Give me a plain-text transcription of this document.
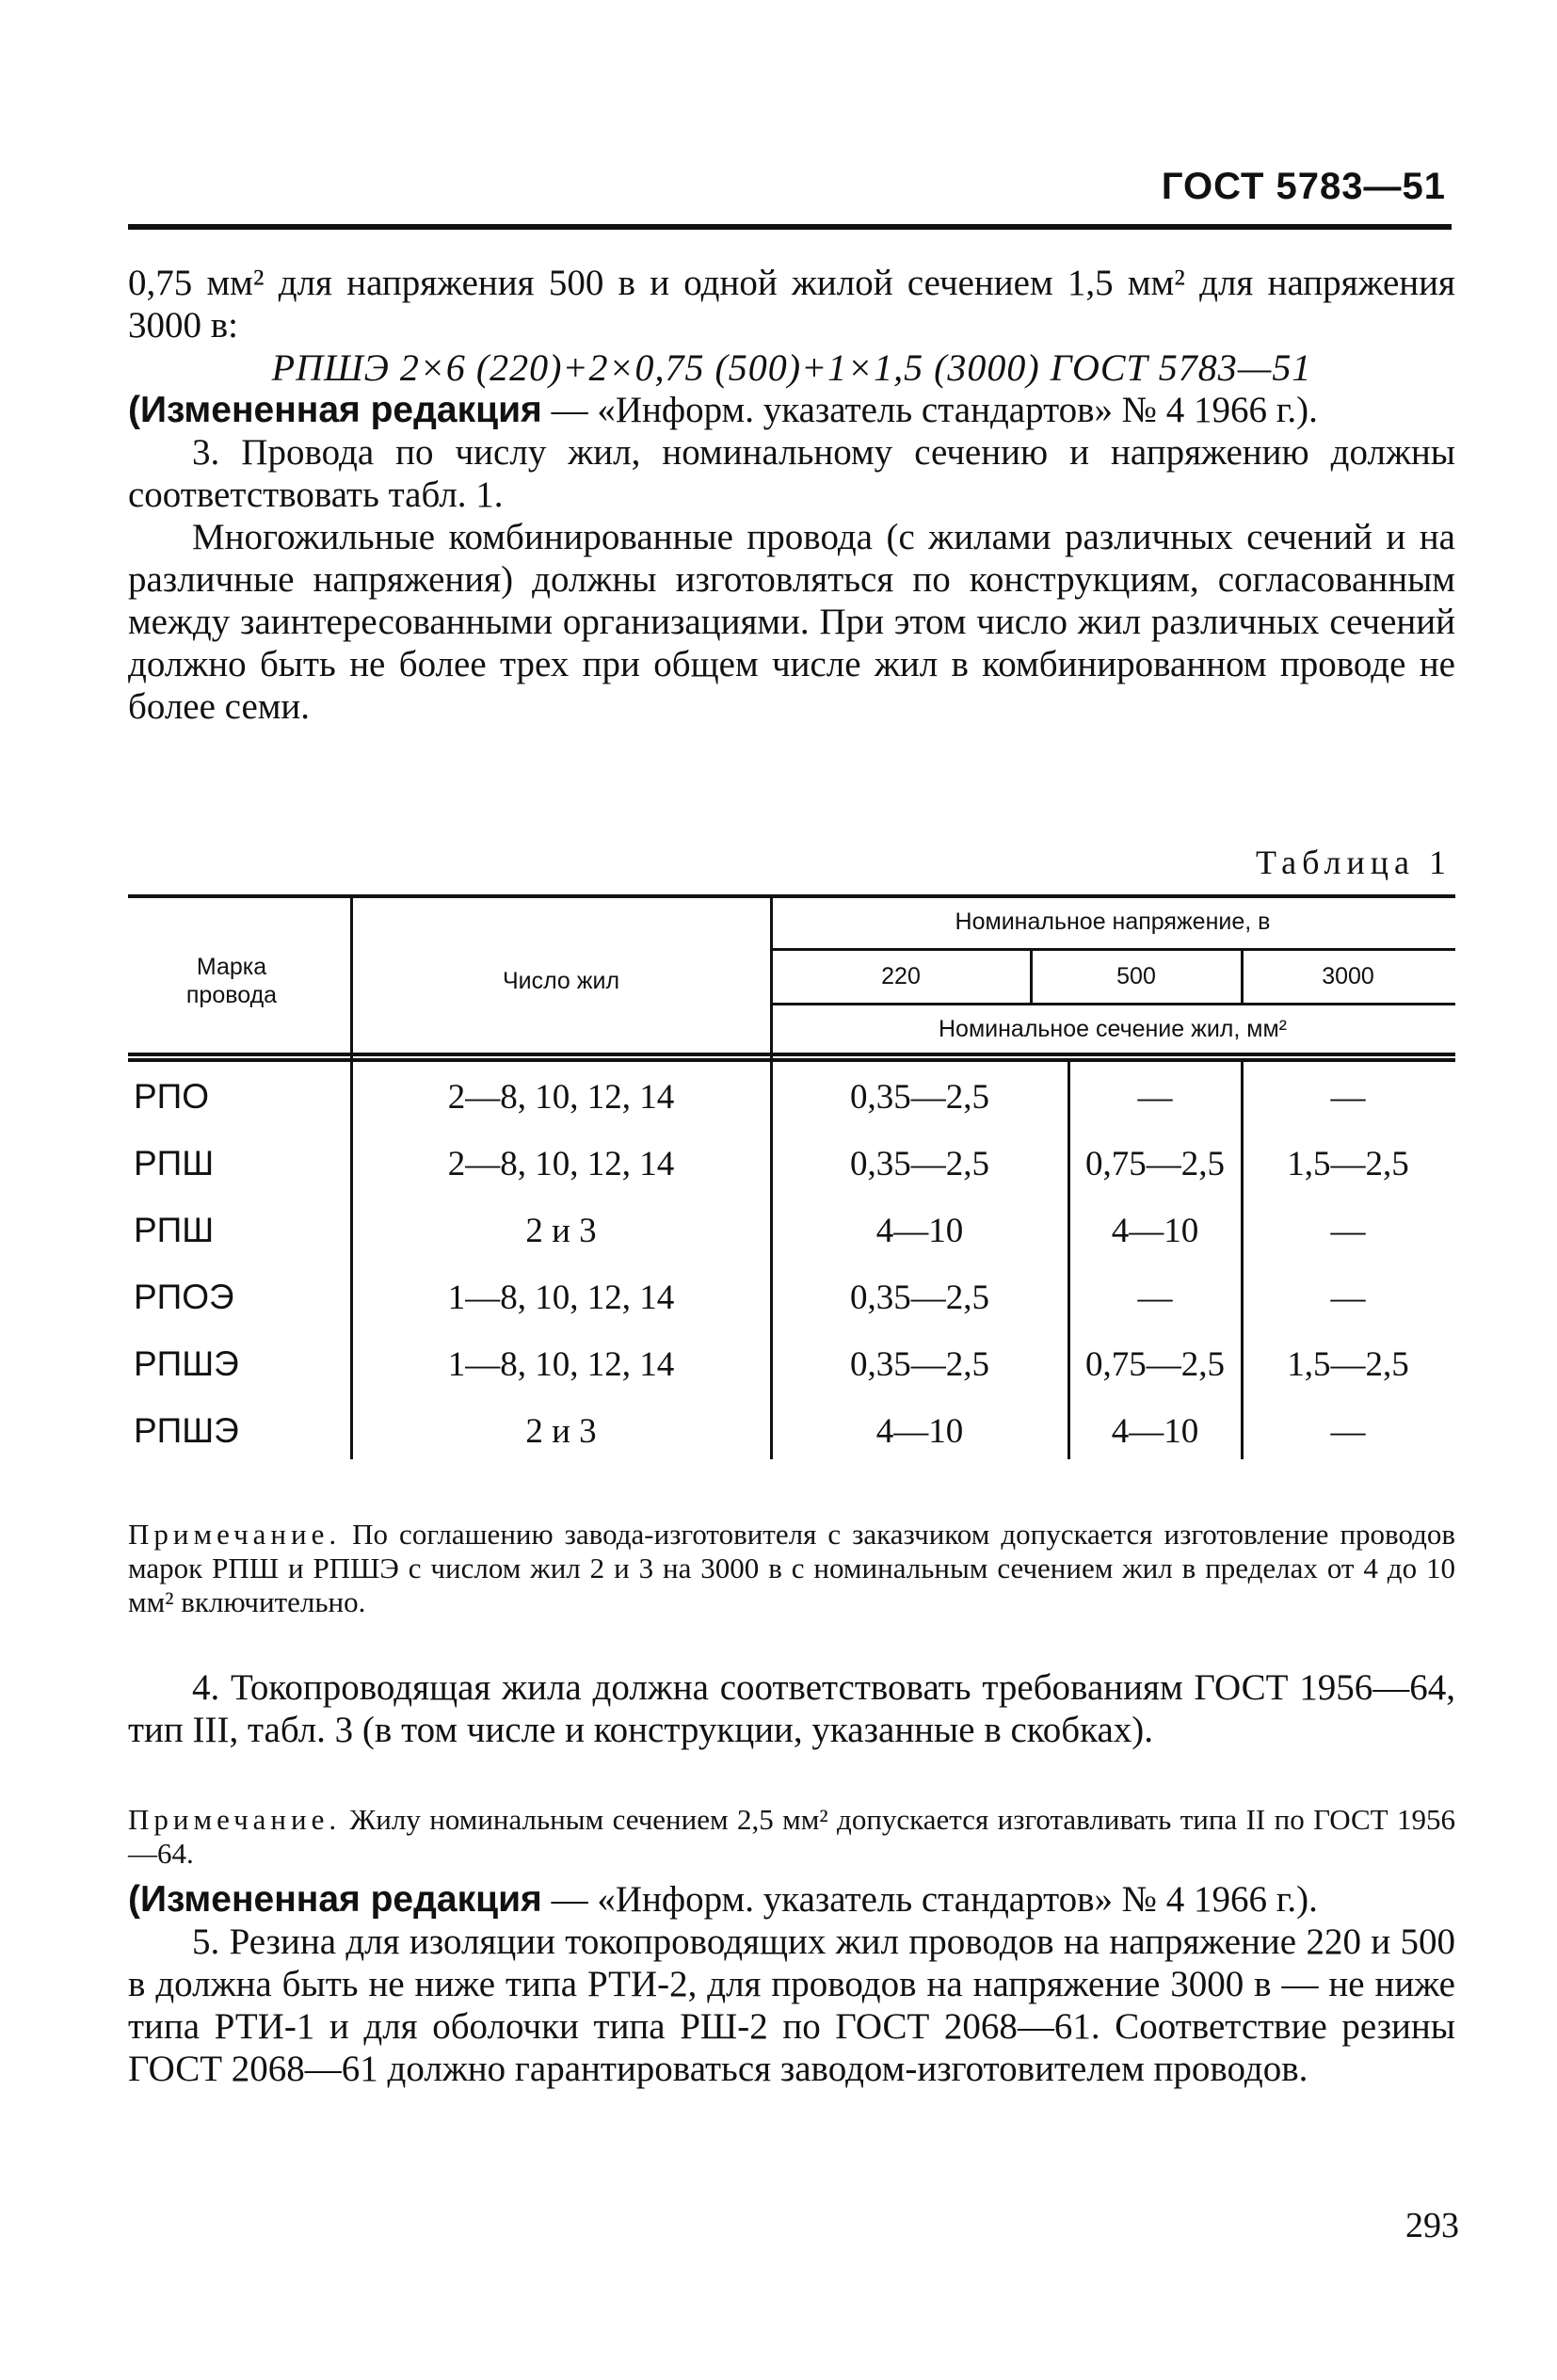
ГОСТ 5783—51

0,75 мм² для напряжения 500 в и одной жилой сечением 1,5 мм² для напряжения 3000 в:

РПШЭ 2×6 (220)+2×0,75 (500)+1×1,5 (3000) ГОСТ 5783—51

(Измененная редакция — «Информ. указатель стандартов» № 4 1966 г.).

3. Провода по числу жил, номинальному сечению и напряжению должны соответствовать табл. 1.

Многожильные комбинированные провода (с жилами различных сечений и на различные напряжения) должны изготовляться по конструкциям, согласованным между заинтересованными организациями. При этом число жил различных сечений должно быть не более трех при общем числе жил в комбинированном проводе не более семи.

Таблица 1
Марка провода
Число жил
Номинальное напряжение, в
220	500	3000
Номинальное сечение жил, мм²
РПО	2—8, 10, 12, 14	0,35—2,5	—	—
РПШ	2—8, 10, 12, 14	0,35—2,5	0,75—2,5	1,5—2,5
РПШ	2 и 3	4—10	4—10	—
РПОЭ	1—8, 10, 12, 14	0,35—2,5	—	—
РПШЭ	1—8, 10, 12, 14	0,35—2,5	0,75—2,5	1,5—2,5
РПШЭ	2 и 3	4—10	4—10	—
Примечание. По соглашению завода-изготовителя с заказчиком допускается изготовление проводов марок РПШ и РПШЭ с числом жил 2 и 3 на 3000 в с номинальным сечением жил в пределах от 4 до 10 мм² включительно.

4. Токопроводящая жила должна соответствовать требованиям ГОСТ 1956—64, тип III, табл. 3 (в том числе и конструкции, указанные в скобках).

Примечание. Жилу номинальным сечением 2,5 мм² допускается изготавливать типа II по ГОСТ 1956—64.

(Измененная редакция — «Информ. указатель стандартов» № 4 1966 г.).

5. Резина для изоляции токопроводящих жил проводов на напряжение 220 и 500 в должна быть не ниже типа РТИ-2, для проводов на напряжение 3000 в — не ниже типа РТИ-1 и для оболочки типа РШ-2 по ГОСТ 2068—61. Соответствие резины ГОСТ 2068—61 должно гарантироваться заводом-изготовителем проводов.

293
